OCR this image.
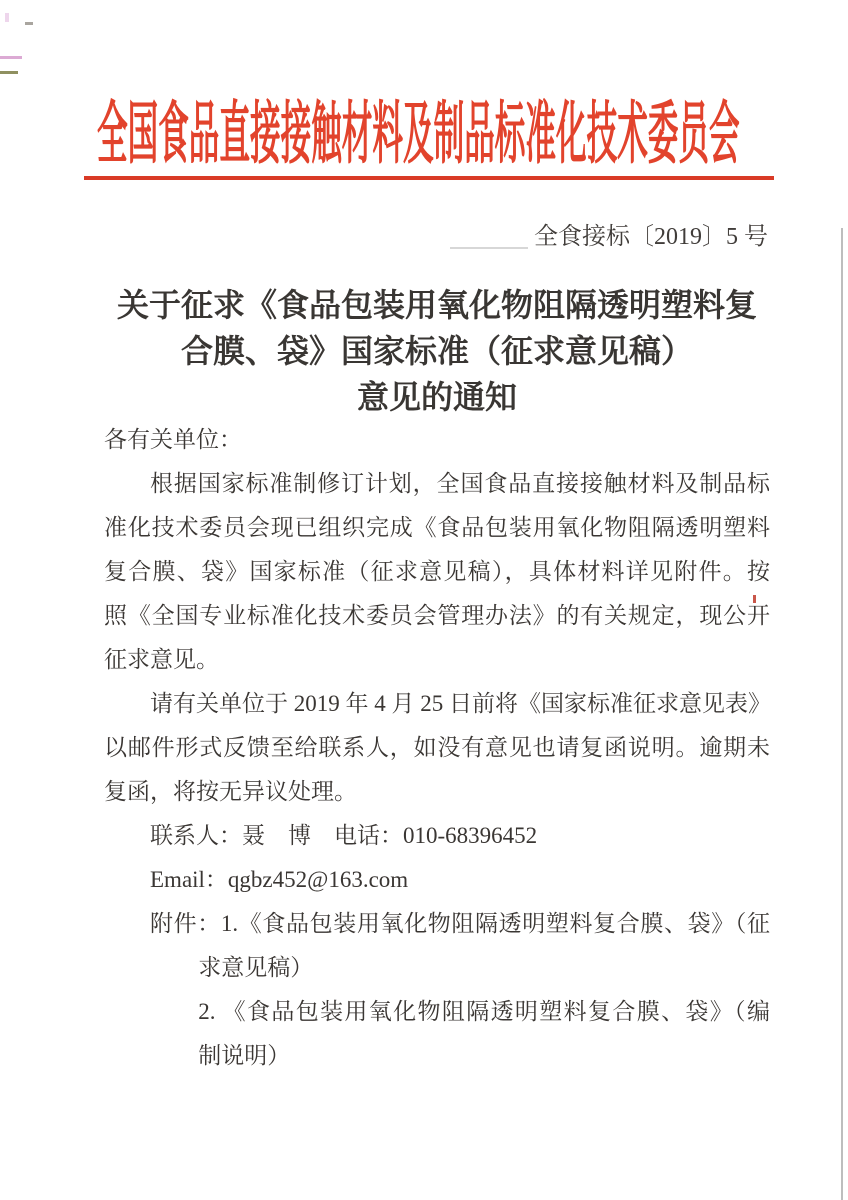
全国食品直接接触材料及制品标准化技术委员会
全食接标〔2019〕5 号
关于征求《食品包装用氧化物阻隔透明塑料复
合膜、袋》国家标准（征求意见稿）
意见的通知
各有关单位：
根据国家标准制修订计划，全国食品直接接触材料及制品标
准化技术委员会现已组织完成《食品包装用氧化物阻隔透明塑料
复合膜、袋》国家标准（征求意见稿），具体材料详见附件。按
照《全国专业标准化技术委员会管理办法》的有关规定，现公开
征求意见。
请有关单位于 2019 年 4 月 25 日前将《国家标准征求意见表》
以邮件形式反馈至给联系人，如没有意见也请复函说明。逾期未
复函，将按无异议处理。
联系人：聂　博　电话：010-68396452
Email：qgbz452@163.com
附件：1.《食品包装用氧化物阻隔透明塑料复合膜、袋》（征
求意见稿）
2. 《食品包装用氧化物阻隔透明塑料复合膜、袋》（编
制说明）
